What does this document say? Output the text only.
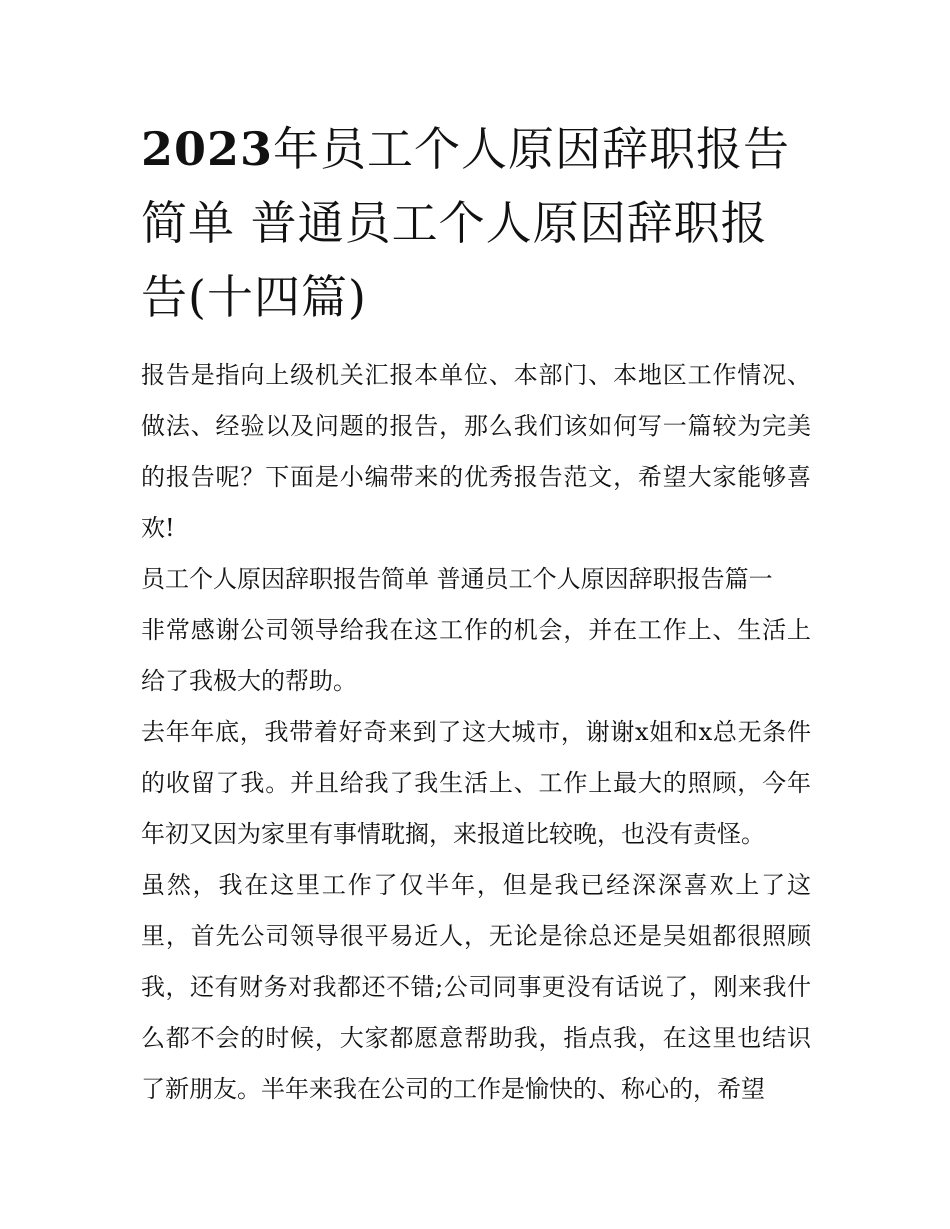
2023年员工个人原因辞职报告简单 普通员工个人原因辞职报告(十四篇)

报告是指向上级机关汇报本单位、本部门、本地区工作情况、做法、经验以及问题的报告，那么我们该如何写一篇较为完美的报告呢？下面是小编带来的优秀报告范文，希望大家能够喜欢!

员工个人原因辞职报告简单 普通员工个人原因辞职报告篇一

非常感谢公司领导给我在这工作的机会，并在工作上、生活上给了我极大的帮助。

去年年底，我带着好奇来到了这大城市，谢谢x姐和x总无条件的收留了我。并且给我了我生活上、工作上最大的照顾，今年年初又因为家里有事情耽搁，来报道比较晚，也没有责怪。

虽然，我在这里工作了仅半年，但是我已经深深喜欢上了这里，首先公司领导很平易近人，无论是徐总还是吴姐都很照顾我，还有财务对我都还不错;公司同事更没有话说了，刚来我什么都不会的时候，大家都愿意帮助我，指点我，在这里也结识了新朋友。半年来我在公司的工作是愉快的、称心的，希望
